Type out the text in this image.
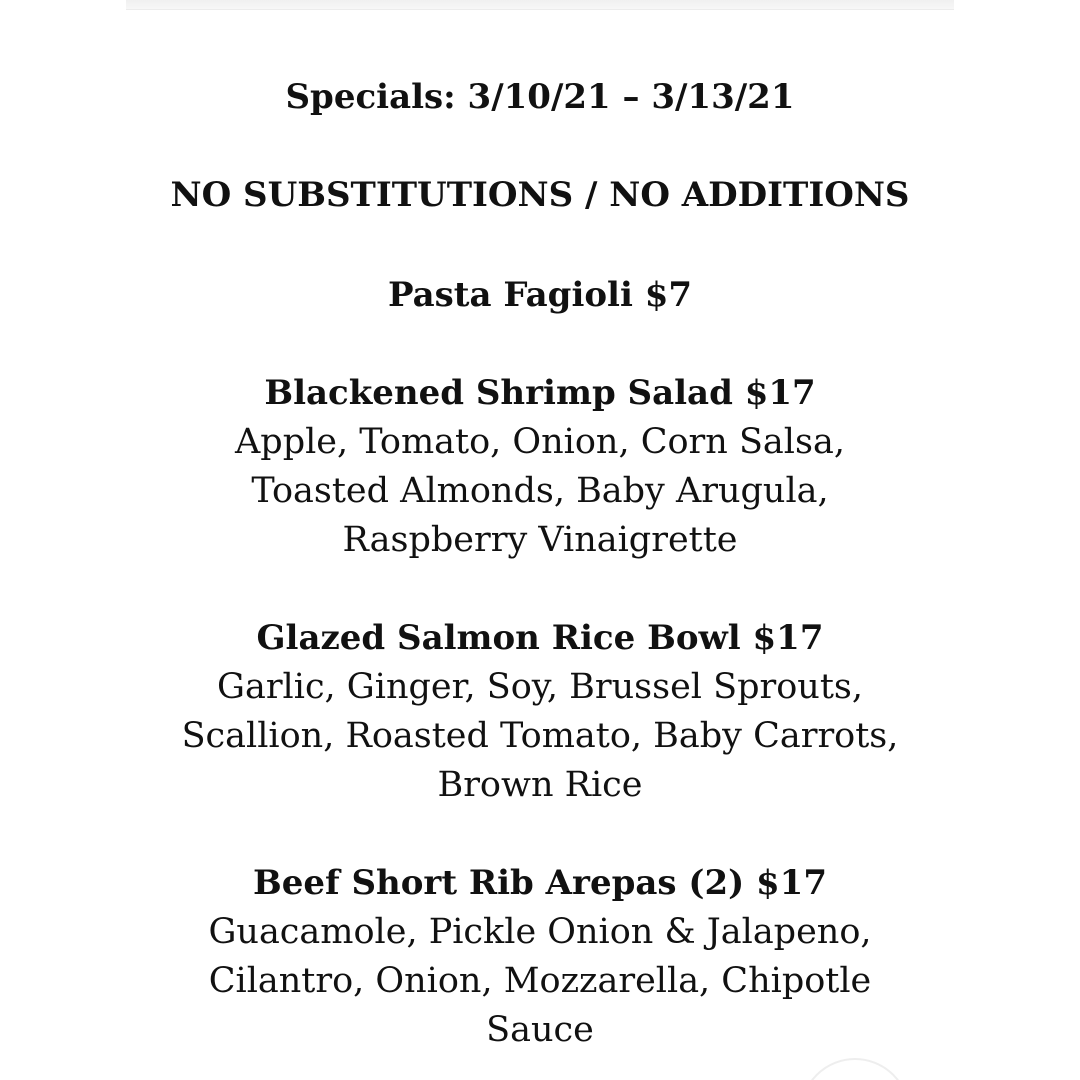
Specials: 3/10/21 – 3/13/21
NO SUBSTITUTIONS / NO ADDITIONS
Pasta Fagioli $7
Blackened Shrimp Salad $17
Apple, Tomato, Onion, Corn Salsa,
Toasted Almonds, Baby Arugula,
Raspberry Vinaigrette
Glazed Salmon Rice Bowl $17
Garlic, Ginger, Soy, Brussel Sprouts,
Scallion, Roasted Tomato, Baby Carrots,
Brown Rice
Beef Short Rib Arepas (2) $17
Guacamole, Pickle Onion & Jalapeno,
Cilantro, Onion, Mozzarella, Chipotle
Sauce
